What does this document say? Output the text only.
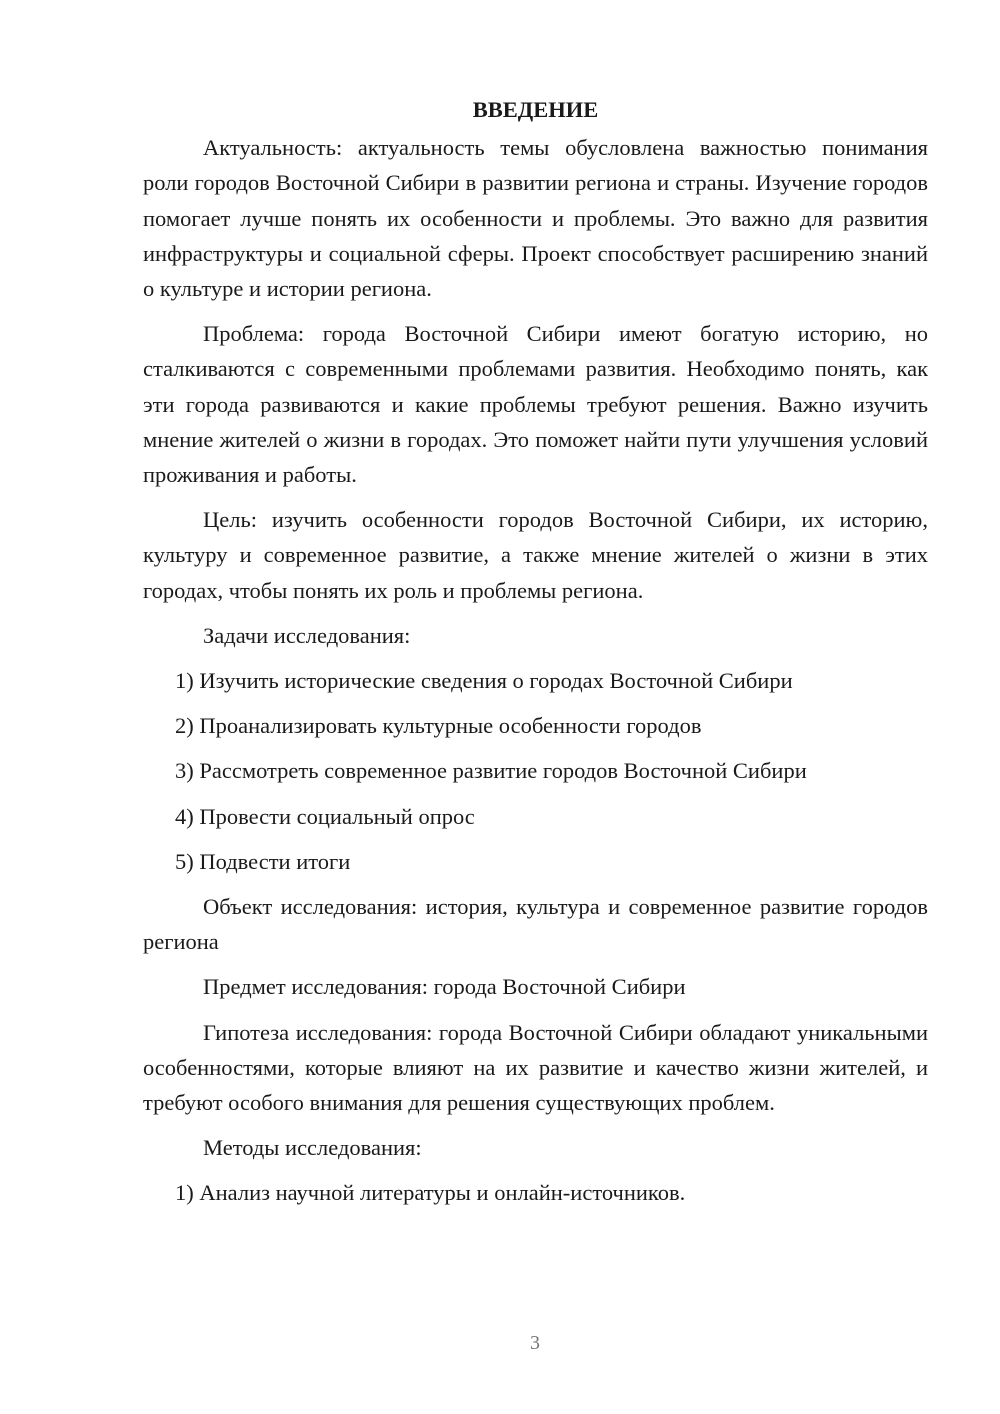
ВВЕДЕНИЕ

Актуальность: актуальность темы обусловлена важностью понимания роли городов Восточной Сибири в развитии региона и страны. Изучение городов помогает лучше понять их особенности и проблемы. Это важно для развития инфраструктуры и социальной сферы. Проект способствует расширению знаний о культуре и истории региона.

Проблема: города Восточной Сибири имеют богатую историю, но сталкиваются с современными проблемами развития. Необходимо понять, как эти города развиваются и какие проблемы требуют решения. Важно изучить мнение жителей о жизни в городах. Это поможет найти пути улучшения условий проживания и работы.

Цель: изучить особенности городов Восточной Сибири, их историю, культуру и современное развитие, а также мнение жителей о жизни в этих городах, чтобы понять их роль и проблемы региона.

Задачи исследования:

1) Изучить исторические сведения о городах Восточной Сибири

2) Проанализировать культурные особенности городов

3) Рассмотреть современное развитие городов Восточной Сибири

4) Провести социальный опрос

5) Подвести итоги

Объект исследования: история, культура и современное развитие городов региона

Предмет исследования: города Восточной Сибири

Гипотеза исследования: города Восточной Сибири обладают уникальными особенностями, которые влияют на их развитие и качество жизни жителей, и требуют особого внимания для решения существующих проблем.

Методы исследования:

1) Анализ научной литературы и онлайн-источников.

3
